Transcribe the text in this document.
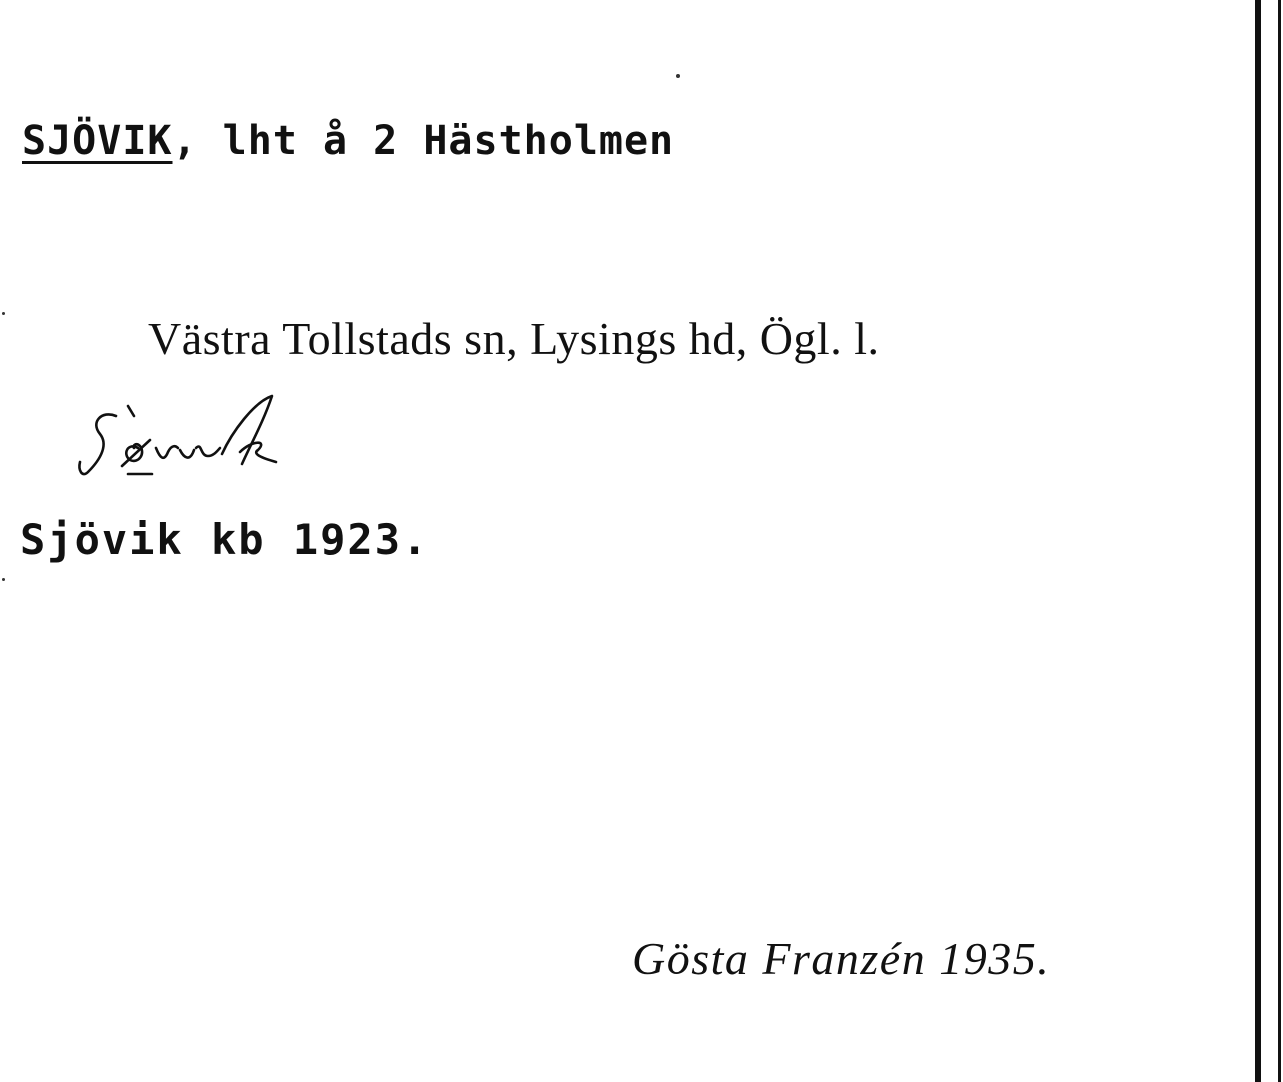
SJÖVIK, lht å 2 Hästholmen
Västra Tollstads sn, Lysings hd, Ögl. l.
Sjövik kb 1923.
Gösta Franzén 1935.
